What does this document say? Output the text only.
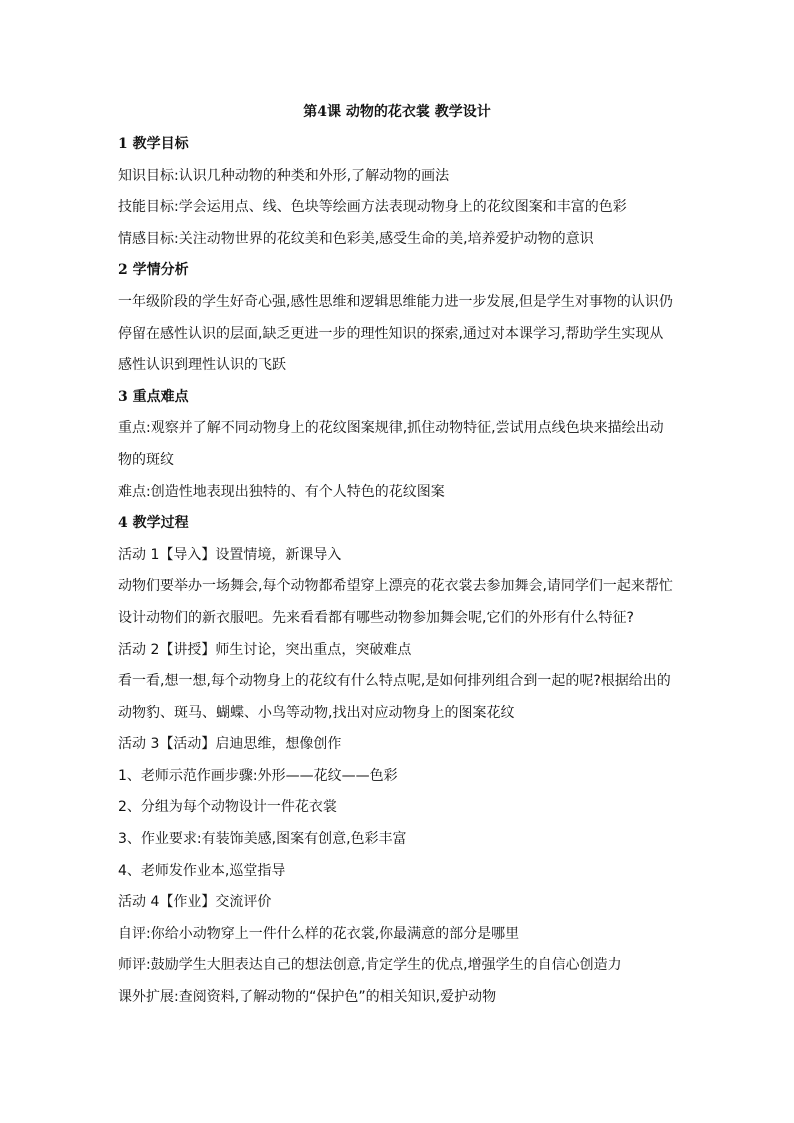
第4课 动物的花衣裳 教学设计
1 教学目标
知识目标:认识几种动物的种类和外形,了解动物的画法
技能目标:学会运用点、线、色块等绘画方法表现动物身上的花纹图案和丰富的色彩
情感目标:关注动物世界的花纹美和色彩美,感受生命的美,培养爱护动物的意识
2 学情分析
一年级阶段的学生好奇心强,感性思维和逻辑思维能力进一步发展,但是学生对事物的认识仍
停留在感性认识的层面,缺乏更进一步的理性知识的探索,通过对本课学习,帮助学生实现从
感性认识到理性认识的飞跃
3 重点难点
重点:观察并了解不同动物身上的花纹图案规律,抓住动物特征,尝试用点线色块来描绘出动
物的斑纹
难点:创造性地表现出独特的、有个人特色的花纹图案
4 教学过程
活动 1【导入】设置情境，新课导入
动物们要举办一场舞会,每个动物都希望穿上漂亮的花衣裳去参加舞会,请同学们一起来帮忙
设计动物们的新衣服吧。先来看看都有哪些动物参加舞会呢,它们的外形有什么特征?
活动 2【讲授】师生讨论，突出重点，突破难点
看一看,想一想,每个动物身上的花纹有什么特点呢,是如何排列组合到一起的呢?根据给出的
动物豹、斑马、蝴蝶、小鸟等动物,找出对应动物身上的图案花纹
活动 3【活动】启迪思维，想像创作
1、老师示范作画步骤:外形——花纹——色彩
2、分组为每个动物设计一件花衣裳
3、作业要求:有装饰美感,图案有创意,色彩丰富
4、老师发作业本,巡堂指导
活动 4【作业】交流评价
自评:你给小动物穿上一件什么样的花衣裳,你最满意的部分是哪里
师评:鼓励学生大胆表达自己的想法创意,肯定学生的优点,增强学生的自信心创造力
课外扩展:查阅资料,了解动物的“保护色”的相关知识,爱护动物
